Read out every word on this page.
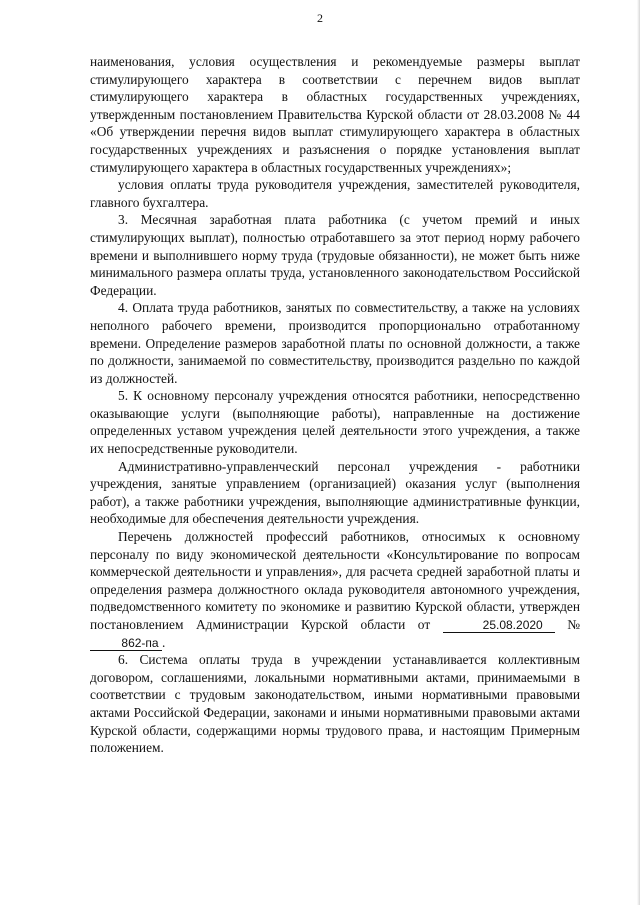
2

наименования, условия осуществления и рекомендуемые размеры выплат стимулирующего характера в соответствии с перечнем видов выплат стимулирующего характера в областных государственных учреждениях, утвержденным постановлением Правительства Курской области от 28.03.2008 № 44 «Об утверждении перечня видов выплат стимулирующего характера в областных государственных учреждениях и разъяснения о порядке установления выплат стимулирующего характера в областных государственных учреждениях»;

условия оплаты труда руководителя учреждения, заместителей руководителя, главного бухгалтера.

3. Месячная заработная плата работника (с учетом премий и иных стимулирующих выплат), полностью отработавшего за этот период норму рабочего времени и выполнившего норму труда (трудовые обязанности), не может быть ниже минимального размера оплаты труда, установленного законодательством Российской Федерации.

4. Оплата труда работников, занятых по совместительству, а также на условиях неполного рабочего времени, производится пропорционально отработанному времени. Определение размеров заработной платы по основной должности, а также по должности, занимаемой по совместительству, производится раздельно по каждой из должностей.

5. К основному персоналу учреждения относятся работники, непосредственно оказывающие услуги (выполняющие работы), направленные на достижение определенных уставом учреждения целей деятельности этого учреждения, а также их непосредственные руководители.

Административно-управленческий персонал учреждения - работники учреждения, занятые управлением (организацией) оказания услуг (выполнения работ), а также работники учреждения, выполняющие административные функции, необходимые для обеспечения деятельности учреждения.

Перечень должностей профессий работников, относимых к основному персоналу по виду экономической деятельности «Консультирование по вопросам коммерческой деятельности и управления», для расчета средней заработной платы и определения размера должностного оклада руководителя автономного учреждения, подведомственного комитету по экономике и развитию Курской области, утвержден постановлением Администрации Курской области от	25.08.2020 №862-па .

6. Система оплаты труда в учреждении устанавливается коллективным договором, соглашениями, локальными нормативными актами, принимаемыми в соответствии с трудовым законодательством, иными нормативными правовыми актами Российской Федерации, законами и иными нормативными правовыми актами Курской области, содержащими нормы трудового права, и настоящим Примерным положением.
